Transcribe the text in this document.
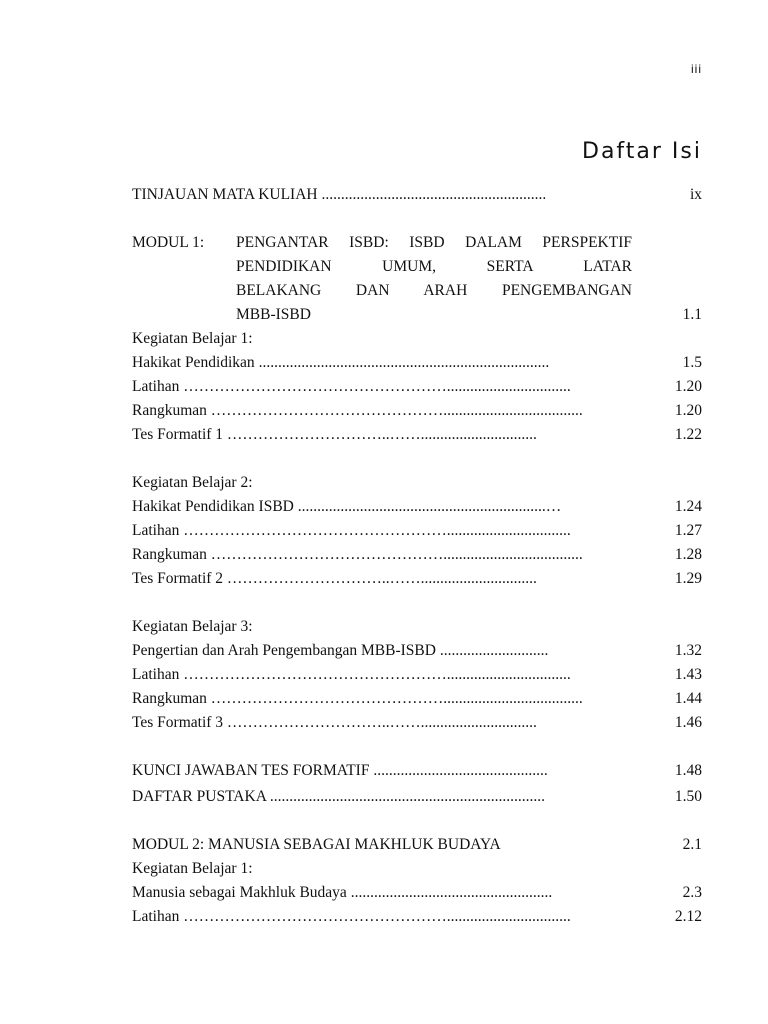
iii
Daftar Isi
TINJAUAN MATA KULIAH ..........................................................	ix
MODUL 1: PENGANTAR ISBD: ISBD DALAM PERSPEKTIF
PENDIDIKAN UMUM, SERTA LATAR
BELAKANG DAN ARAH PENGEMBANGAN
MBB-ISBD	1.1
Kegiatan Belajar 1:
Hakikat Pendidikan ...........................................................................	1.5
Latihan ……………………………………………................................	1.20
Rangkuman ………………………………………....................................	1.20
Tes Formatif 1 …………………………..……..............................	1.22
Kegiatan Belajar 2:
Hakikat Pendidikan ISBD ................................................................…	1.24
Latihan ……………………………………………................................	1.27
Rangkuman ………………………………………....................................	1.28
Tes Formatif 2 …………………………..……..............................	1.29
Kegiatan Belajar 3:
Pengertian dan Arah Pengembangan MBB-ISBD ............................	1.32
Latihan ……………………………………………................................	1.43
Rangkuman ………………………………………....................................	1.44
Tes Formatif 3 …………………………..……..............................	1.46
KUNCI JAWABAN TES FORMATIF .............................................	1.48
DAFTAR PUSTAKA .......................................................................	1.50
MODUL 2: MANUSIA SEBAGAI MAKHLUK BUDAYA	2.1
Kegiatan Belajar 1:
Manusia sebagai Makhluk Budaya ....................................................	2.3
Latihan ……………………………………………................................	2.12
